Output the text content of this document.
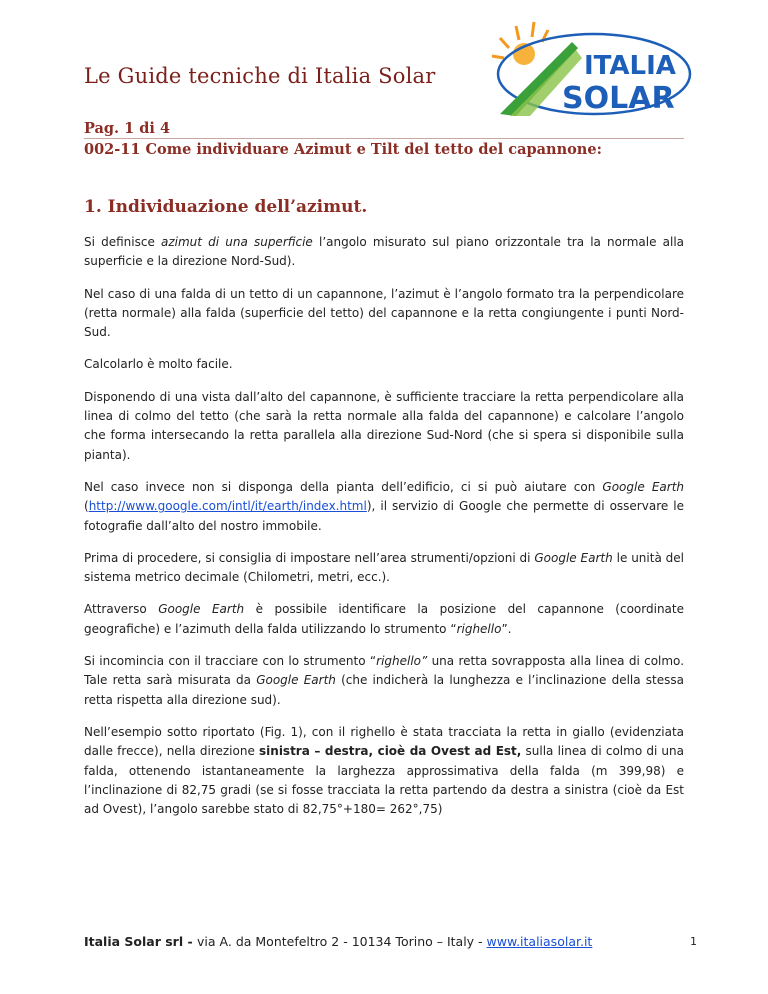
Le Guide tecniche di Italia Solar	ITALIA
SOLAR
Pag. 1 di 4
002-11 Come individuare Azimut e Tilt del tetto del capannone:
1. Individuazione dell’azimut.

Si definisce azimut di una superficie l’angolo misurato sul piano orizzontale tra la normale alla superficie e la direzione Nord-Sud).

Nel caso di una falda di un tetto di un capannone, l’azimut è l’angolo formato tra la perpendicolare (retta normale) alla falda (superficie del tetto) del capannone e la retta congiungente i punti Nord-Sud.

Calcolarlo è molto facile.

Disponendo di una vista dall’alto del capannone, è sufficiente tracciare la retta perpendicolare alla linea di colmo del tetto (che sarà la retta normale alla falda del capannone) e calcolare l’angolo che forma intersecando la retta parallela alla direzione Sud-Nord (che si spera si disponibile sulla pianta).

Nel caso invece non si disponga della pianta dell’edificio, ci si può aiutare con Google Earth (http://www.google.com/intl/it/earth/index.html), il servizio di Google che permette di osservare le fotografie dall’alto del nostro immobile.

Prima di procedere, si consiglia di impostare nell’area strumenti/opzioni di Google Earth le unità del sistema metrico decimale (Chilometri, metri, ecc.).

Attraverso Google Earth è possibile identificare la posizione del capannone (coordinate geografiche) e l’azimuth della falda utilizzando lo strumento “righello”.

Si incomincia con il tracciare con lo strumento “righello” una retta sovrapposta alla linea di colmo. Tale retta sarà misurata da Google Earth (che indicherà la lunghezza e l’inclinazione della stessa retta rispetta alla direzione sud).

Nell’esempio sotto riportato (Fig. 1), con il righello è stata tracciata la retta in giallo (evidenziata dalle frecce), nella direzione sinistra – destra, cioè da Ovest ad Est, sulla linea di colmo di una falda, ottenendo istantaneamente la larghezza approssimativa della falda (m 399,98) e l’inclinazione di 82,75 gradi (se si fosse tracciata la retta partendo da destra a sinistra (cioè da Est ad Ovest), l’angolo sarebbe stato di 82,75°+180= 262°,75)

Italia Solar srl - via A. da Montefeltro 2 - 10134 Torino – Italy - www.italiasolar.it	1
